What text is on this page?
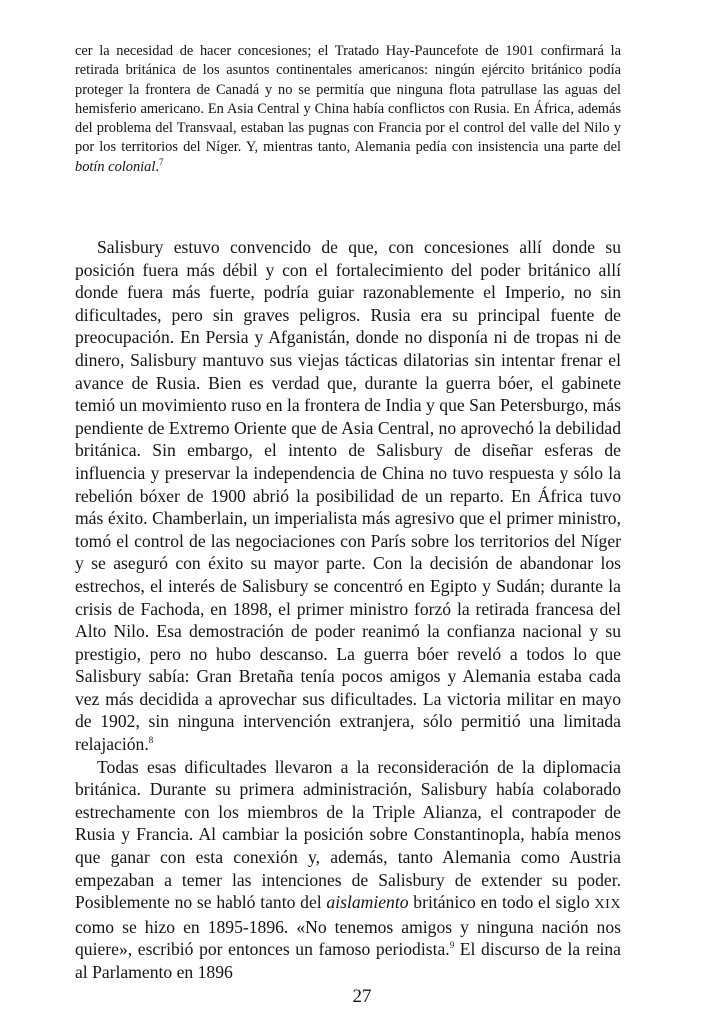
cer la necesidad de hacer concesiones; el Tratado Hay-Pauncefote de 1901 confirmará la retirada británica de los asuntos continentales americanos: ningún ejército británico podía proteger la frontera de Canadá y no se permitía que ninguna flota patrullase las aguas del hemisferio americano. En Asia Central y China había conflictos con Rusia. En África, además del problema del Transvaal, estaban las pugnas con Francia por el control del valle del Nilo y por los territorios del Níger. Y, mientras tanto, Alemania pedía con insistencia una parte del botín colonial.$^7$

Salisbury estuvo convencido de que, con concesiones allí donde su posición fuera más débil y con el fortalecimiento del poder británico allí donde fuera más fuerte, podría guiar razonablemente el Imperio, no sin dificultades, pero sin graves peligros. Rusia era su principal fuente de preocupación. En Persia y Afganistán, donde no disponía ni de tropas ni de dinero, Salisbury mantuvo sus viejas tácticas dilatorias sin intentar frenar el avance de Rusia. Bien es verdad que, durante la guerra bóer, el gabinete temió un movimiento ruso en la frontera de India y que San Petersburgo, más pendiente de Extremo Oriente que de Asia Central, no aprovechó la debilidad británica. Sin embargo, el intento de Salisbury de diseñar esferas de influencia y preservar la independencia de China no tuvo respuesta y sólo la rebelión bóxer de 1900 abrió la posibilidad de un reparto. En África tuvo más éxito. Chamberlain, un imperialista más agresivo que el primer ministro, tomó el control de las negociaciones con París sobre los territorios del Níger y se aseguró con éxito su mayor parte. Con la decisión de abandonar los estrechos, el interés de Salisbury se concentró en Egipto y Sudán; durante la crisis de Fachoda, en 1898, el primer ministro forzó la retirada francesa del Alto Nilo. Esa demostración de poder reanimó la confianza nacional y su prestigio, pero no hubo descanso. La guerra bóer reveló a todos lo que Salisbury sabía: Gran Bretaña tenía pocos amigos y Alemania estaba cada vez más decidida a aprovechar sus dificultades. La victoria militar en mayo de 1902, sin ninguna intervención extranjera, sólo permitió una limitada relajación.$^8$

Todas esas dificultades llevaron a la reconsideración de la diplomacia británica. Durante su primera administración, Salisbury había colaborado estrechamente con los miembros de la Triple Alianza, el contrapoder de Rusia y Francia. Al cambiar la posición sobre Constantinopla, había menos que ganar con esta conexión y, además, tanto Alemania como Austria empezaban a temer las intenciones de Salisbury de extender su poder. Posiblemente no se habló tanto del aislamiento británico en todo el siglo XIX como se hizo en 1895-1896. «No tenemos amigos y ninguna nación nos quiere», escribió por entonces un famoso periodista.$^9$ El discurso de la reina al Parlamento en 1896

27
